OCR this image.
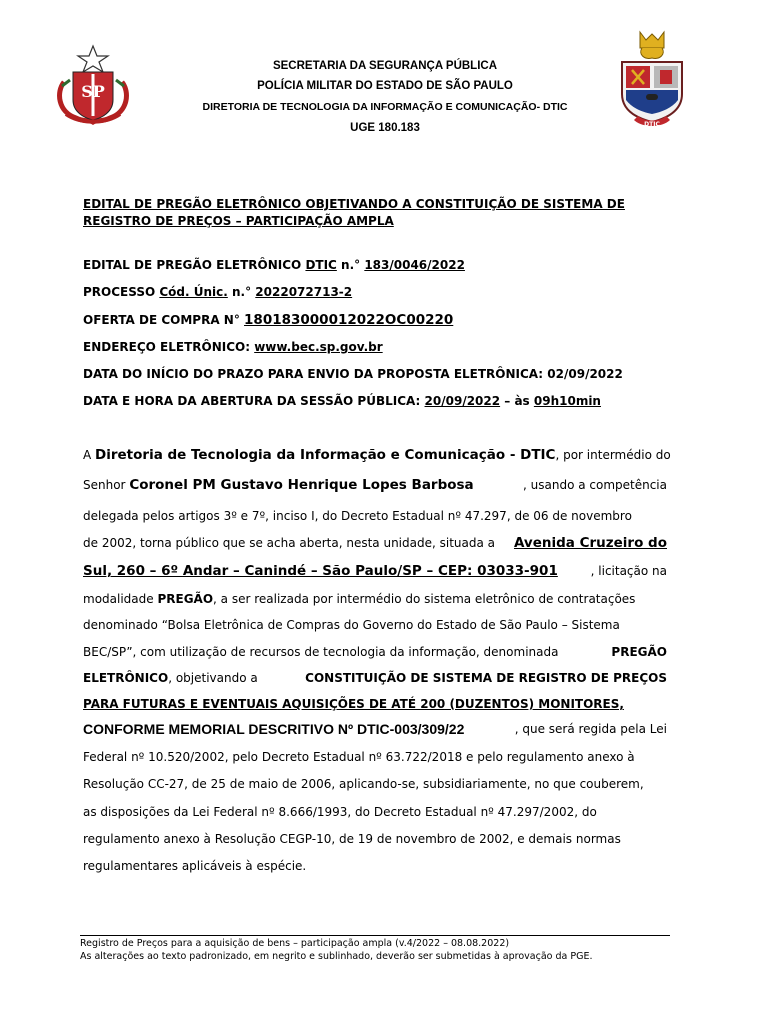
SP
DTIC
SECRETARIA DA SEGURANÇA PÚBLICA
POLÍCIA MILITAR DO ESTADO DE SÃO PAULO
DIRETORIA DE TECNOLOGIA DA INFORMAÇÃO E COMUNICAÇÃO- DTIC
UGE 180.183
EDITAL DE PREGÃO ELETRÔNICO OBJETIVANDO A CONSTITUIÇÃO DE SISTEMA DE
REGISTRO DE PREÇOS – PARTICIPAÇÃO AMPLA
EDITAL DE PREGÃO ELETRÔNICO DTIC n.° 183/0046/2022
PROCESSO Cód. Únic. n.° 2022072713-2
OFERTA DE COMPRA N° 180183000012022OC00220
ENDEREÇO ELETRÔNICO: www.bec.sp.gov.br
DATA DO INÍCIO DO PRAZO PARA ENVIO DA PROPOSTA ELETRÔNICA: 02/09/2022
DATA E HORA DA ABERTURA DA SESSÃO PÚBLICA: 20/09/2022 – às 09h10min
A Diretoria de Tecnologia da Informação e Comunicação - DTIC , por intermédio do
Senhor Coronel PM Gustavo Henrique Lopes Barbosa	, usando a competência
delegada pelos artigos 3º e 7º, inciso I, do Decreto Estadual nº 47.297, de 06 de novembro
de 2002, torna público que se acha aberta, nesta unidade, situada a Avenida Cruzeiro do
Sul, 260 – 6º Andar – Canindé – São Paulo/SP – CEP: 03033-901	, licitação na
modalidade PREGÃO, a ser realizada por intermédio do sistema eletrônico de contratações
denominado “Bolsa Eletrônica de Compras do Governo do Estado de São Paulo – Sistema
BEC/SP”, com utilização de recursos de tecnologia da informação, denominada	PREGÃO
ELETRÔNICO, objetivando a	CONSTITUIÇÃO DE SISTEMA DE REGISTRO DE PREÇOS
PARA FUTURAS E EVENTUAIS AQUISIÇÕES DE ATÉ 200 (DUZENTOS) MONITORES,
CONFORME MEMORIAL DESCRITIVO Nº DTIC-003/309/22	, que será regida pela Lei
Federal nº 10.520/2002, pelo Decreto Estadual nº 63.722/2018 e pelo regulamento anexo à
Resolução CC-27, de 25 de maio de 2006, aplicando-se, subsidiariamente, no que couberem,
as disposições da Lei Federal nº 8.666/1993, do Decreto Estadual nº 47.297/2002, do
regulamento anexo à Resolução CEGP-10, de 19 de novembro de 2002, e demais normas
regulamentares aplicáveis à espécie.
Registro de Preços para a aquisição de bens – participação ampla (v.4/2022 – 08.08.2022)
As alterações ao texto padronizado, em negrito e sublinhado, deverão ser submetidas à aprovação da PGE.
